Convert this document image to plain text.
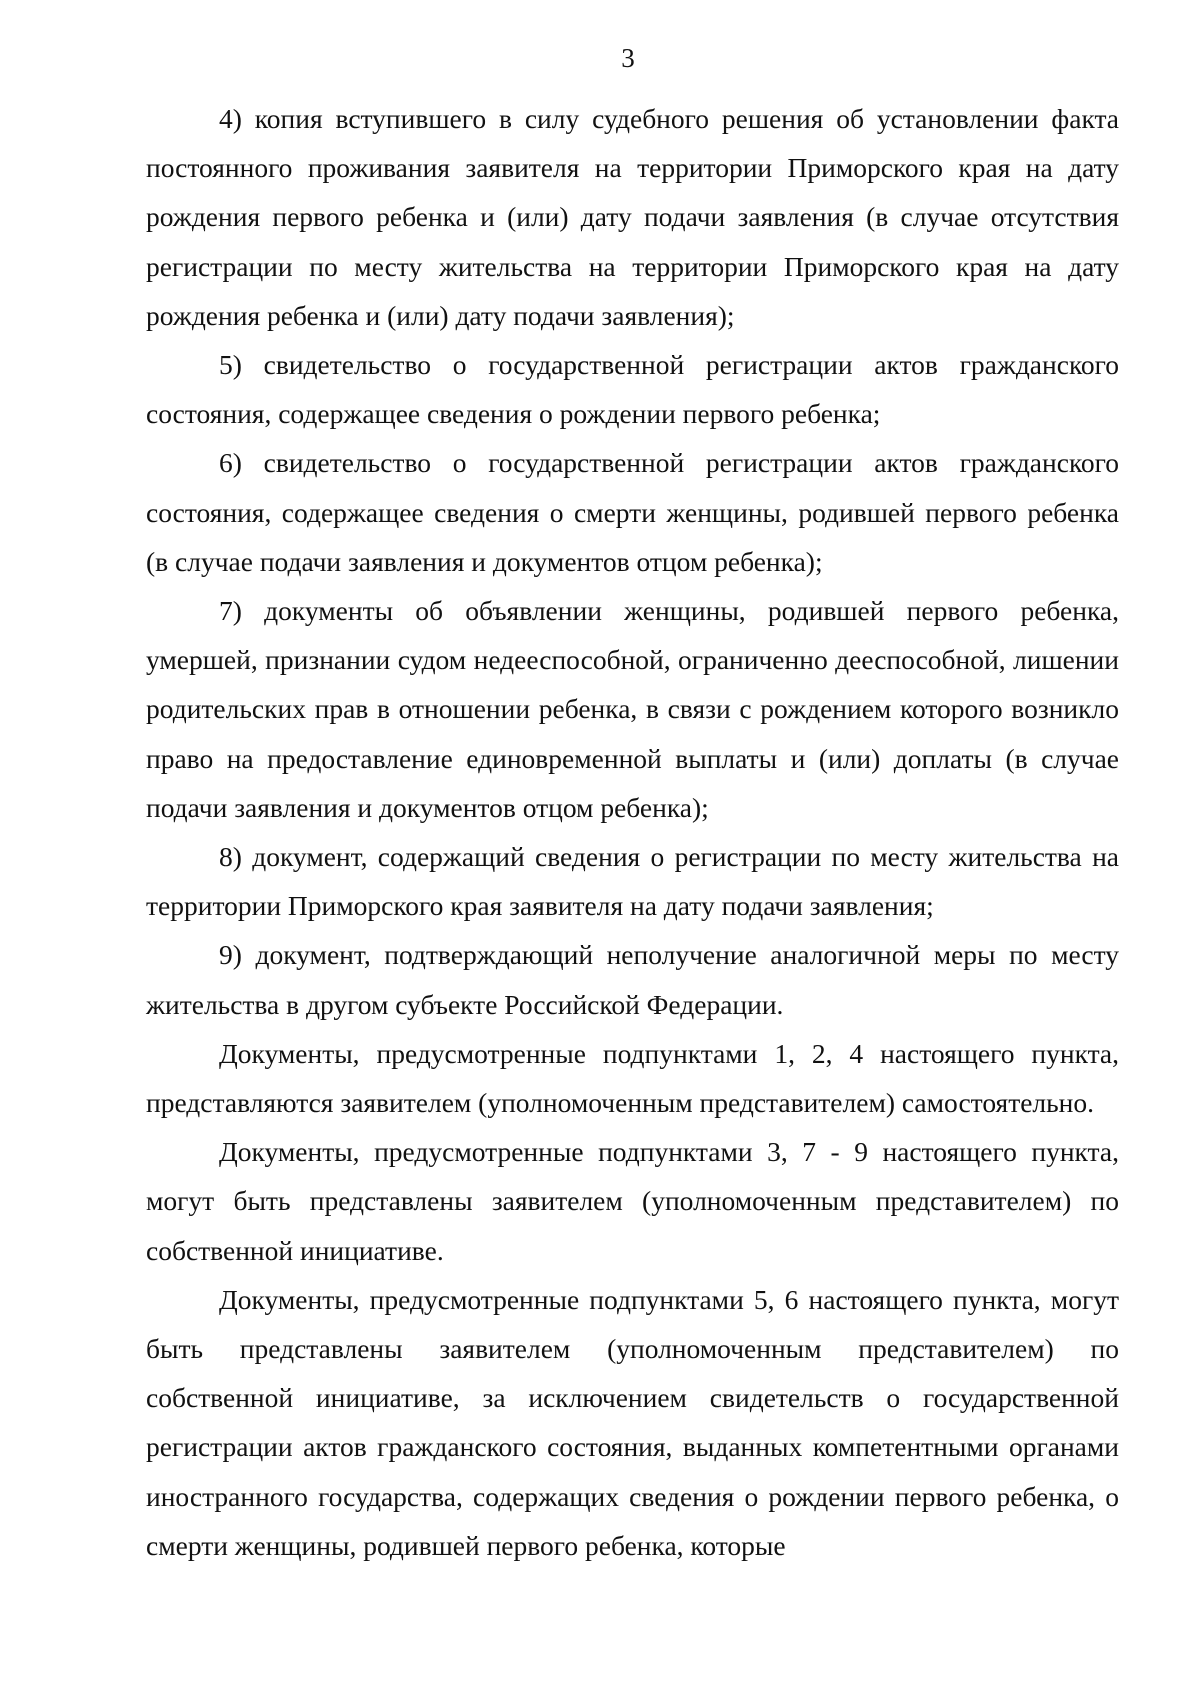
3

4) копия вступившего в силу судебного решения об установлении факта постоянного проживания заявителя на территории Приморского края на дату рождения первого ребенка и (или) дату подачи заявления (в случае отсутствия регистрации по месту жительства на территории Приморского края на дату рождения ребенка и (или) дату подачи заявления);

5) свидетельство о государственной регистрации актов гражданского состояния, содержащее сведения о рождении первого ребенка;

6) свидетельство о государственной регистрации актов гражданского состояния, содержащее сведения о смерти женщины, родившей первого ребенка (в случае подачи заявления и документов отцом ребенка);

7) документы об объявлении женщины, родившей первого ребенка, умершей, признании судом недееспособной, ограниченно дееспособной, лишении родительских прав в отношении ребенка, в связи с рождением которого возникло право на предоставление единовременной выплаты и (или) доплаты (в случае подачи заявления и документов отцом ребенка);

8) документ, содержащий сведения о регистрации по месту жительства на территории Приморского края заявителя на дату подачи заявления;

9) документ, подтверждающий неполучение аналогичной меры по месту жительства в другом субъекте Российской Федерации.

Документы, предусмотренные подпунктами 1, 2, 4 настоящего пункта, представляются заявителем (уполномоченным представителем) самостоятельно.

Документы, предусмотренные подпунктами 3, 7 - 9 настоящего пункта, могут быть представлены заявителем (уполномоченным представителем) по собственной инициативе.

Документы, предусмотренные подпунктами 5, 6 настоящего пункта, могут быть представлены заявителем (уполномоченным представителем) по собственной инициативе, за исключением свидетельств о государственной регистрации актов гражданского состояния, выданных компетентными органами иностранного государства, содержащих сведения о рождении первого ребенка, о смерти женщины, родившей первого ребенка, которые
